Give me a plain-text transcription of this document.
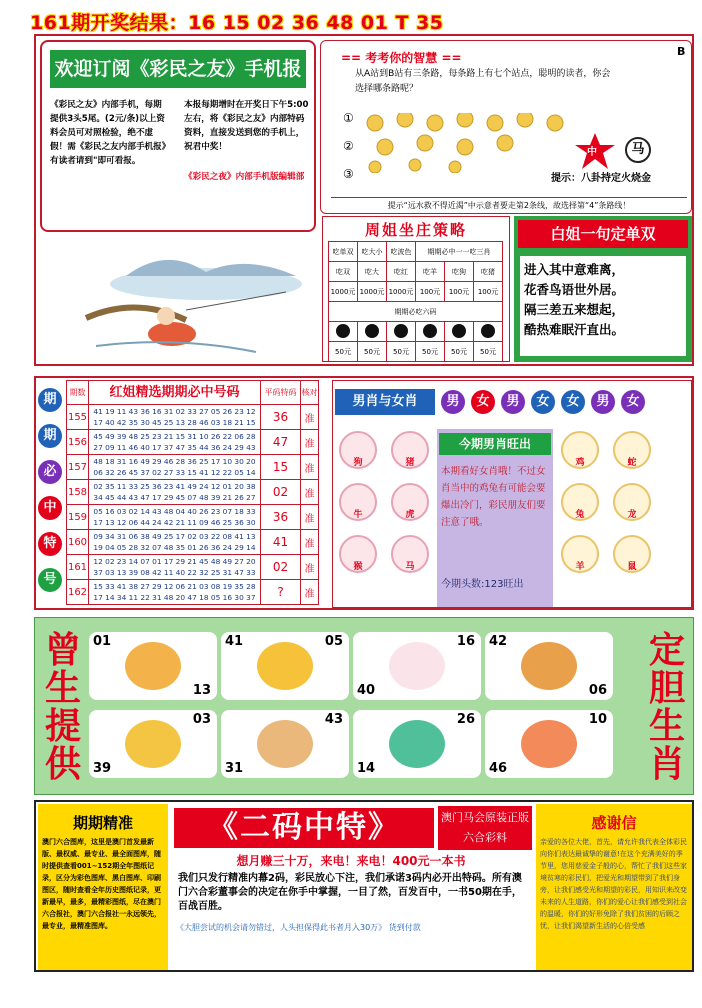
161期开奖结果：16 15 02 36 48 01 T 35
欢迎订阅《彩民之友》手机报
《彩民之友》内部手机，每期提供3头5尾。(2元/条)以上资料会员可对照检验，绝不虚假！需《彩民之友内部手机报》有读者请到"即可看报。
本报每期增时在开奖日下午5:00左右，将《彩民之友》内部特码资料，直接发送到您的手机上，祝君中奖！
《彩民之夜》内部手机版编辑部
== 考考你的智慧 ==	B
从A站到B站有三条路，每条路上有七个站点，聪明的读者，你会选择哪条路呢？
①
②
③
中	马
提示：八卦持定火烧金
提示“远水救不得近渴”中示意者要走第2条线，故选择第“4”条路线！
周姐坐庄策略
吃单双	吃大小	吃波色	期期必中一一吃三肖		
吃双	吃大	吃红	吃羊	吃狗	吃猪
1000元	1000元	1000元	100元	100元	100元
期期必吃六码					

50元	50元	50元	50元	50元	50元
白姐一句定单双
进入其中意难离，
花香鸟语世外居。
隔三差五来想起，
酷热难眠汗直出。
期
期
必
中
特
号
期数	红姐精选期期必中号码	平码特码	核对
155	41 19 11 43 36 16 31 02 33 27 05 26 23 12 17 40 42 35 30 45 25 13 28 46 03 18 21 15	36	准
156	45 49 39 48 25 23 21 15 31 10 26 22 06 28 27 09 11 46 40 17 37 47 35 44 36 24 29 43	47	准
157	48 18 31 16 49 29 46 28 36 25 17 10 30 20 06 32 26 45 37 02 27 33 15 41 12 22 05 14	15	准
158	02 35 11 33 25 36 23 41 49 24 12 01 20 38 34 45 44 43 47 17 29 45 07 48 39 21 26 27	02	准
159	05 16 03 02 14 43 48 04 40 26 23 07 18 33 17 13 12 06 44 24 42 21 11 09 46 25 36 30	36	准
160	09 34 31 06 38 49 25 17 02 03 22 08 41 13 19 04 05 28 32 07 48 35 01 26 36 24 29 14	41	准
161	12 02 23 14 07 01 17 29 21 45 48 49 27 20 37 03 13 39 08 42 11 40 22 32 25 31 47 33	02	准
162	15 33 41 38 27 29 12 06 21 03 08 19 35 28 17 14 34 11 22 31 48 20 47 18 05 16 30 37	?	准
男肖与女肖	男	女	男	女	女	男	女
狗	猪
牛	虎
猴	马
今期男肖旺出
本期看好女肖哦！不过女肖当中的鸡兔有可能会要爆出冷门，彩民朋友们要注意了哦。
今期头数:123旺出
鸡	蛇
兔	龙
羊	鼠
曾
生
提
供
定
胆
生
肖
01
13
41	05	16
40
42
06
03
39
43
31
26
14
10
46
期期精准
澳门六合图库，这里是澳门首发最新版、最权威、最专业、最全面图库，随时提供查看001~152期全年图纸记录，区分为彩色图库、黑白图库、印刷图区，随时查看全年历史图纸记录，更新最早，最多，最精彩图纸，尽在澳门六合报社，澳门六合报社一永远领先，最专业，最精准图库。
《二码中特》	澳门马会原装正版六合彩料
想月赚三十万，来电！来电！400元一本书
我们只发行精准内幕2码，彩民放心下注，我们承诺3码内必开出特码。所有澳门六合彩董事会的决定在你手中掌握，一目了然，百发百中，一书50期在手，百战百胜。
《大胆尝试的机会请勿错过，人头担保得此书者月入30万》 货到付款
感谢信
亲爱的各位大佬，首先，请允许我代表全体彩民向你们表达最诚挚的谢意!在这个充满美好的季节里，您用慈爱金子般的心，帮忙了我们这些家境贫寒的彩民们，把爱光和期望带到了我们身旁，让我们感受光和期望的彩民，用知识来改变未来的人生道路，你们的爱心让我们感受到社会的温暖，你们的好形免除了我们贫困的后顾之忧，让我们渴望新生活的心倍受感
